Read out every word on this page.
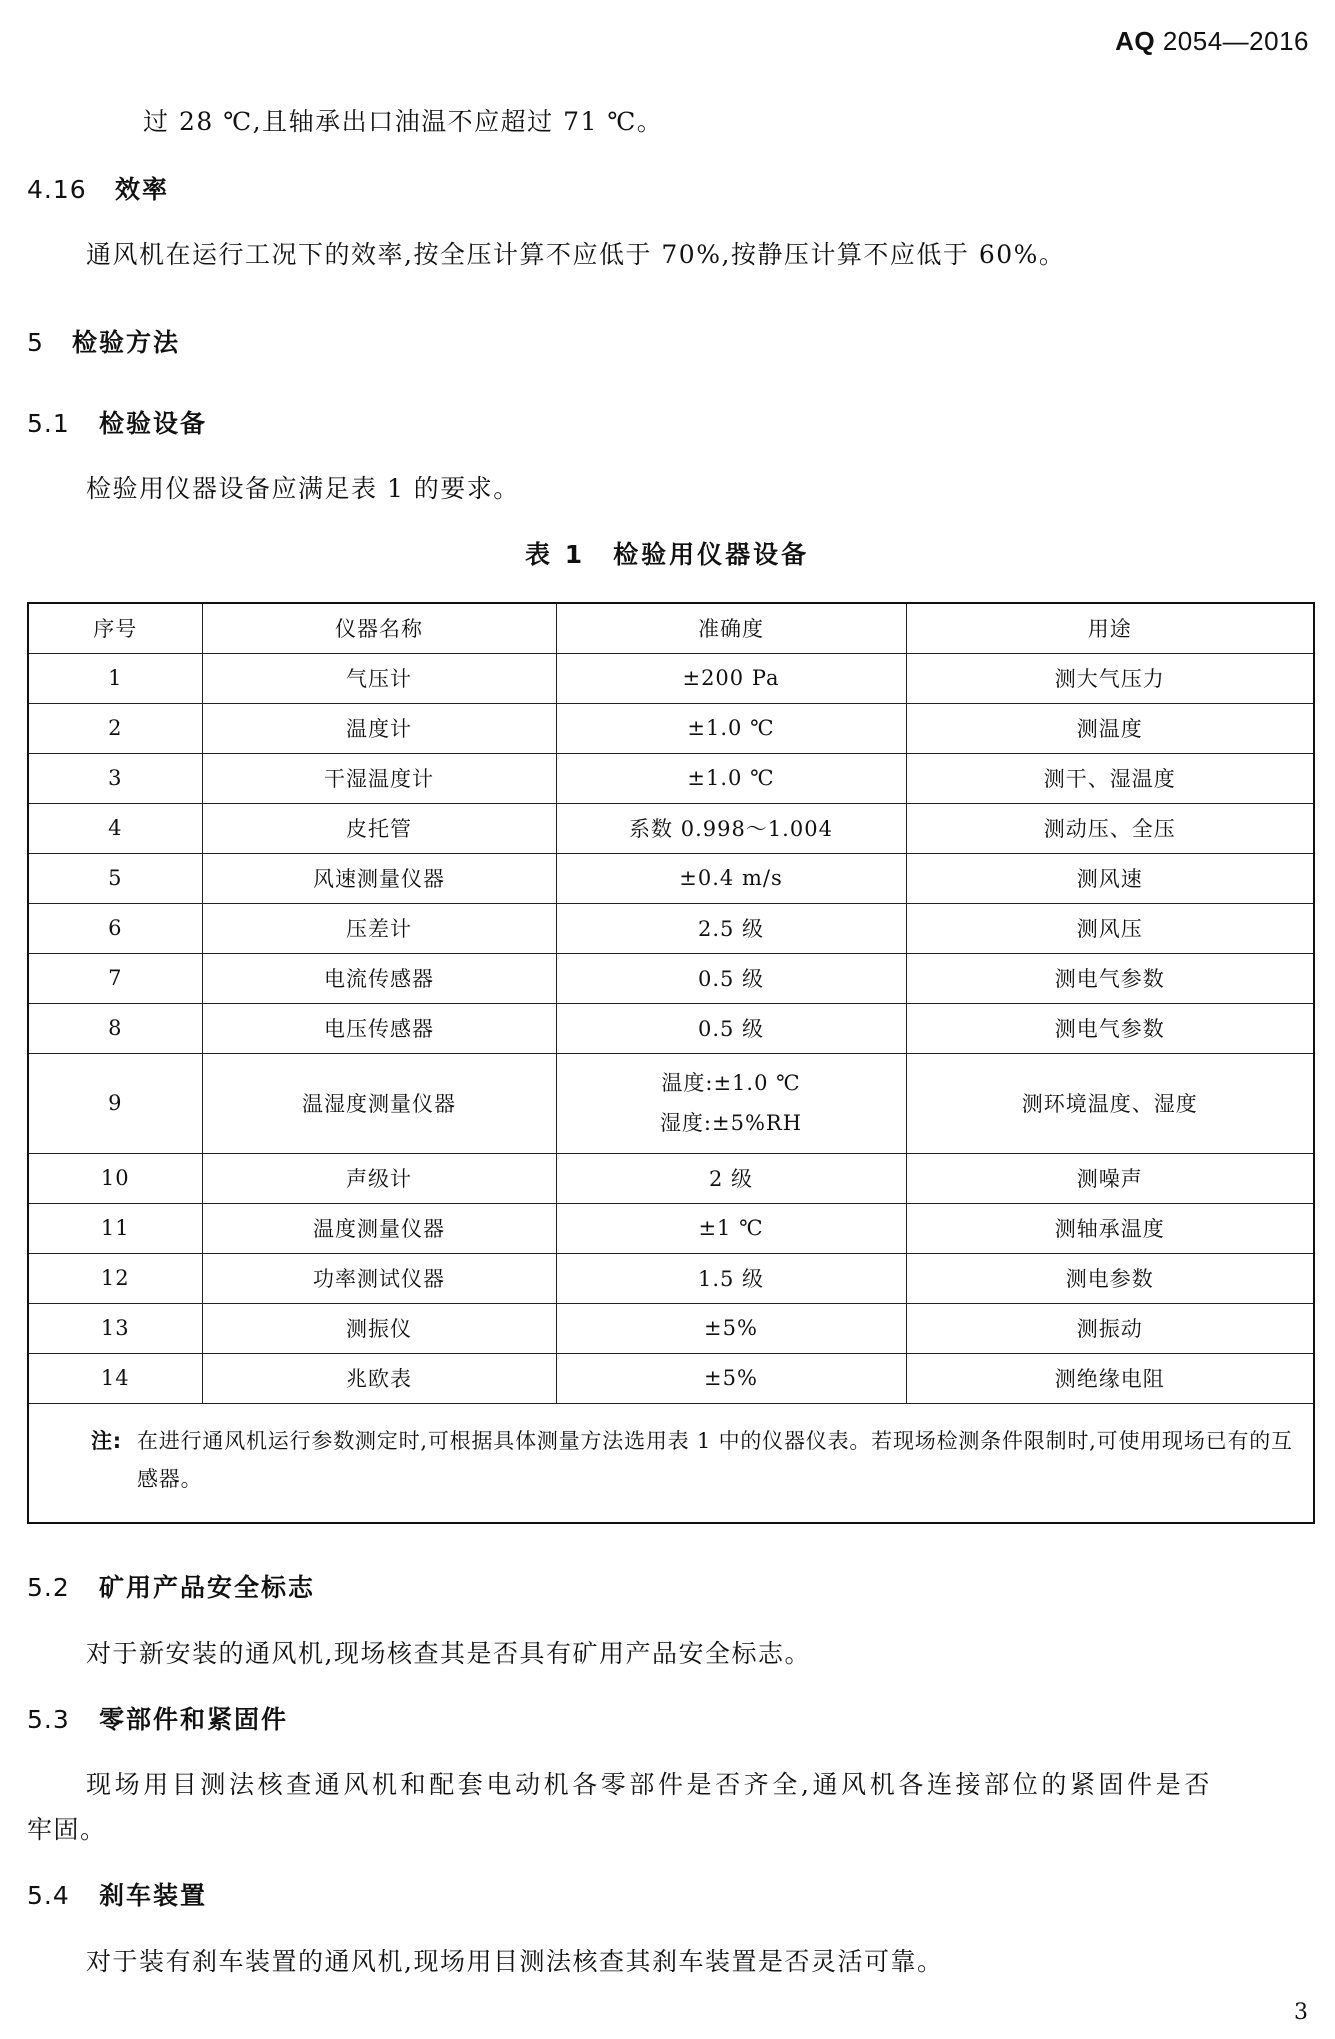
AQ 2054—2016
过 28 ℃,且轴承出口油温不应超过 71 ℃。
4.16 效率
通风机在运行工况下的效率,按全压计算不应低于 70%,按静压计算不应低于 60%。
5 检验方法
5.1 检验设备
检验用仪器设备应满足表 1 的要求。
表 1　检验用仪器设备
序号	仪器名称	准确度	用途
1	气压计	±200 Pa	测大气压力
2	温度计	±1.0 ℃	测温度
3	干湿温度计	±1.0 ℃	测干、湿温度
4	皮托管	系数 0.998～1.004	测动压、全压
5	风速测量仪器	±0.4 m/s	测风速
6	压差计	2.5 级	测风压
7	电流传感器	0.5 级	测电气参数
8	电压传感器	0.5 级	测电气参数
9	温湿度测量仪器	温度:±1.0 ℃
湿度:±5%RH	测环境温度、湿度
10	声级计	2 级	测噪声
11	温度测量仪器	±1 ℃	测轴承温度
12	功率测试仪器	1.5 级	测电参数
13	测振仪	±5%	测振动
14	兆欧表	±5%	测绝缘电阻

注: 在进行通风机运行参数测定时,可根据具体测量方法选用表 1 中的仪器仪表。若现场检测条件限制时,可使用现场已有的互感器。			
5.2 矿用产品安全标志
对于新安装的通风机,现场核查其是否具有矿用产品安全标志。
5.3 零部件和紧固件
现场用目测法核查通风机和配套电动机各零部件是否齐全,通风机各连接部位的紧固件是否
牢固。
5.4 刹车装置
对于装有刹车装置的通风机,现场用目测法核查其刹车装置是否灵活可靠。
3
